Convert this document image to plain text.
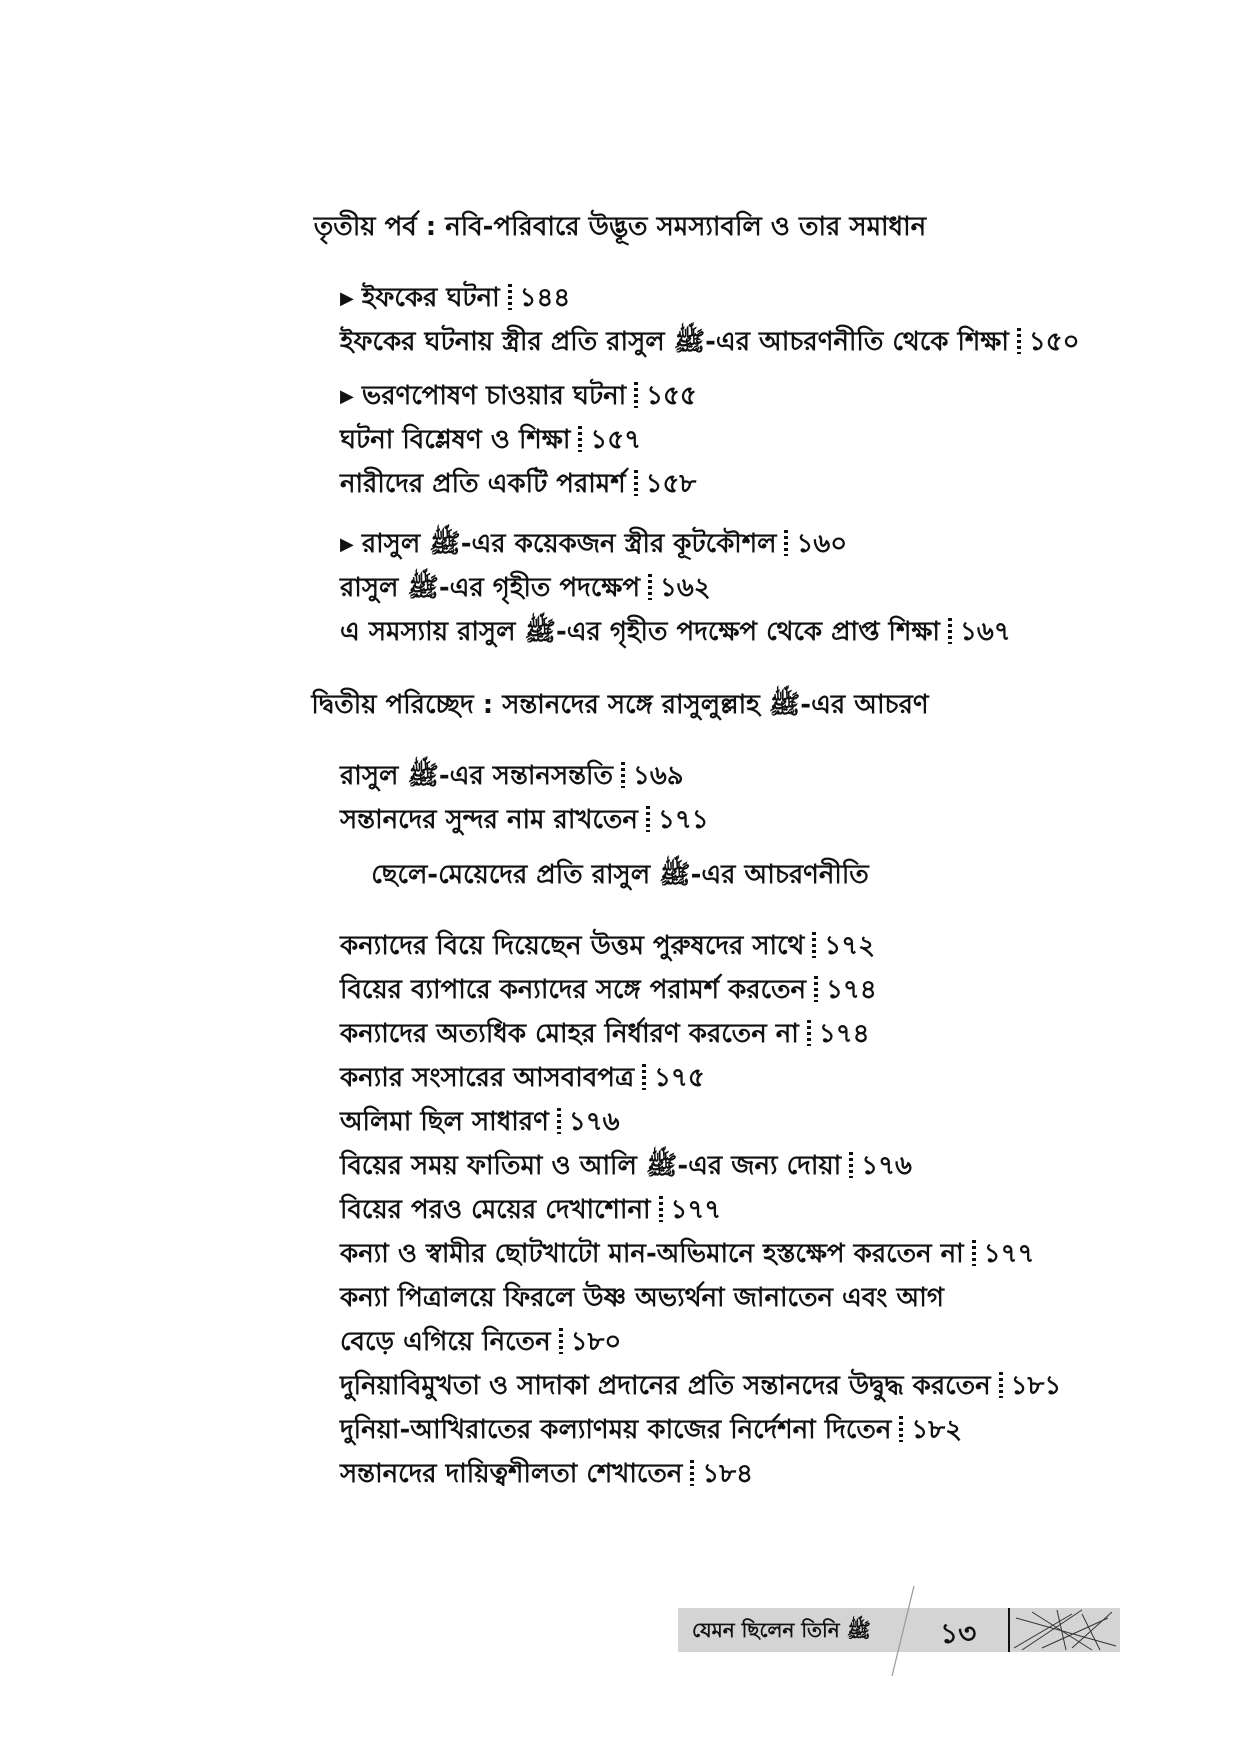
তৃতীয় পর্ব : নবি-পরিবারে উদ্ভূত সমস্যাবলি ও তার সমাধান
▶ ইফকের ঘটনা ১৪৪
ইফকের ঘটনায় স্ত্রীর প্রতি রাসুল ﷺ-এর আচরণনীতি থেকে শিক্ষা ১৫০
▶ ভরণপোষণ চাওয়ার ঘটনা ১৫৫
ঘটনা বিশ্লেষণ ও শিক্ষা ১৫৭
নারীদের প্রতি একটি পরামর্শ ১৫৮
▶ রাসুল ﷺ-এর কয়েকজন স্ত্রীর কূটকৌশল ১৬০
রাসুল ﷺ-এর গৃহীত পদক্ষেপ ১৬২
এ সমস্যায় রাসুল ﷺ-এর গৃহীত পদক্ষেপ থেকে প্রাপ্ত শিক্ষা ১৬৭
দ্বিতীয় পরিচ্ছেদ : সন্তানদের সঙ্গে রাসুলুল্লাহ ﷺ-এর আচরণ
রাসুল ﷺ-এর সন্তানসন্ততি ১৬৯
সন্তানদের সুন্দর নাম রাখতেন ১৭১
ছেলে-মেয়েদের প্রতি রাসুল ﷺ-এর আচরণনীতি
কন্যাদের বিয়ে দিয়েছেন উত্তম পুরুষদের সাথে ১৭২
বিয়ের ব্যাপারে কন্যাদের সঙ্গে পরামর্শ করতেন ১৭৪
কন্যাদের অত্যধিক মোহর নির্ধারণ করতেন না ১৭৪
কন্যার সংসারের আসবাবপত্র ১৭৫
অলিমা ছিল সাধারণ ১৭৬
বিয়ের সময় ফাতিমা ও আলি ﷺ-এর জন্য দোয়া ১৭৬
বিয়ের পরও মেয়ের দেখাশোনা ১৭৭
কন্যা ও স্বামীর ছোটখাটো মান-অভিমানে হস্তক্ষেপ করতেন না ১৭৭
কন্যা পিত্রালয়ে ফিরলে উষ্ণ অভ্যর্থনা জানাতেন এবং আগ
বেড়ে এগিয়ে নিতেন ১৮০
দুনিয়াবিমুখতা ও সাদাকা প্রদানের প্রতি সন্তানদের উদ্বুদ্ধ করতেন ১৮১
দুনিয়া-আখিরাতের কল্যাণময় কাজের নির্দেশনা দিতেন ১৮২
সন্তানদের দায়িত্বশীলতা শেখাতেন ১৮৪
যেমন ছিলেন তিনি ﷺ ১৩
